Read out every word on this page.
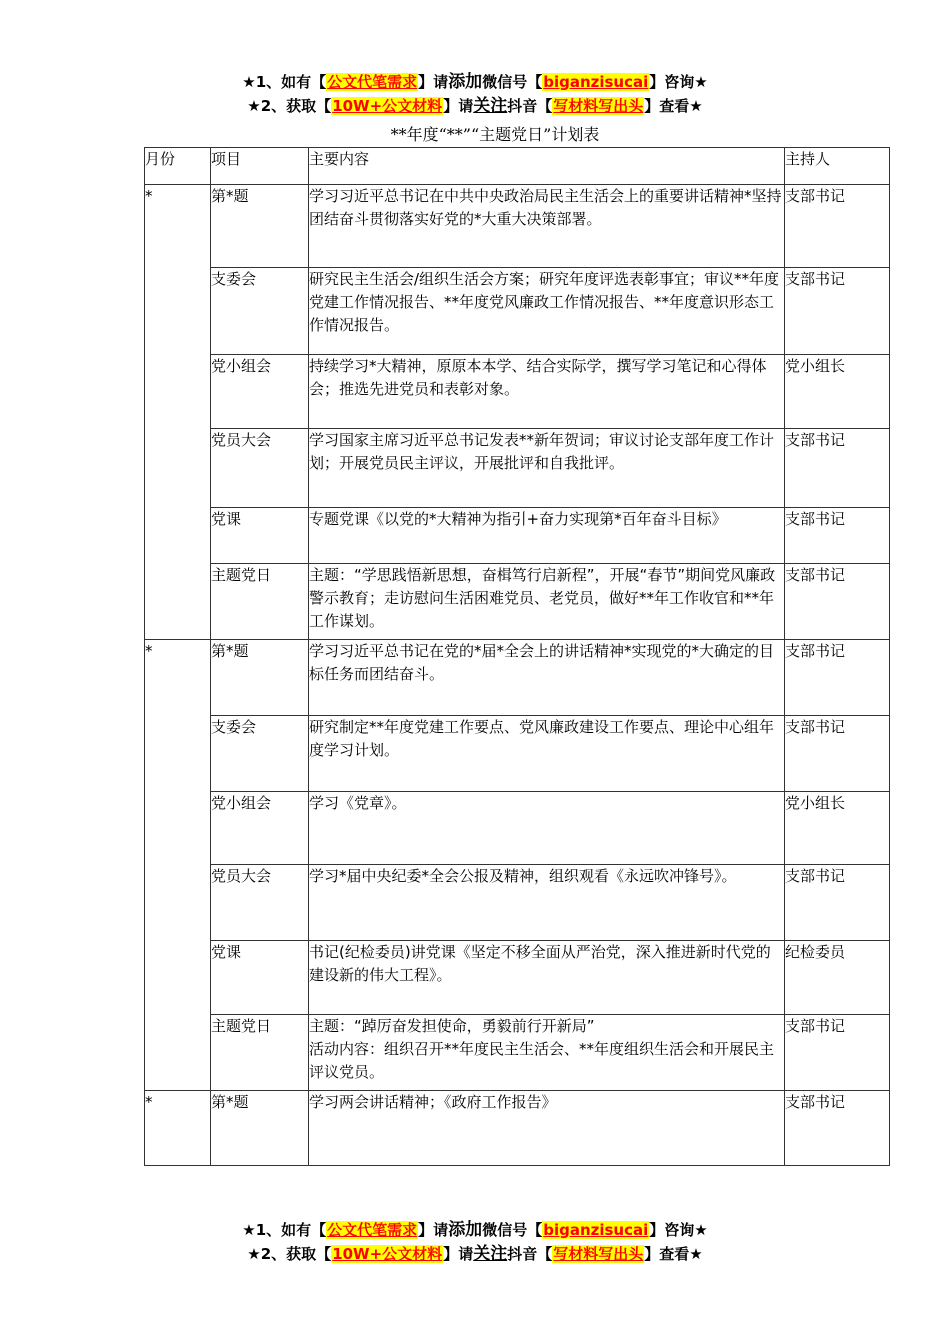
★1、如有【公文代笔需求】请添加微信号【biganzisucai】咨询★
★2、获取【10W+公文材料】请关注抖音【写材料写出头】查看★
**年度“**”“主题党日”计划表
月份	项目	主要内容	主持人
*	第*题	学习习近平总书记在中共中央政治局民主生活会上的重要讲话精神*坚持团结奋斗贯彻落实好党的*大重大决策部署。	支部书记
	支委会	研究民主生活会/组织生活会方案；研究年度评选表彰事宜；审议**年度党建工作情况报告、**年度党风廉政工作情况报告、**年度意识形态工作情况报告。	支部书记
	党小组会	持续学习*大精神，原原本本学、结合实际学，撰写学习笔记和心得体会；推选先进党员和表彰对象。	党小组长
	党员大会	学习国家主席习近平总书记发表**新年贺词；审议讨论支部年度工作计划；开展党员民主评议，开展批评和自我批评。	支部书记
	党课	专题党课《以党的*大精神为指引+奋力实现第*百年奋斗目标》	支部书记
	主题党日	主题：“学思践悟新思想，奋楫笃行启新程”，开展“春节”期间党风廉政警示教育；走访慰问生活困难党员、老党员，做好**年工作收官和**年工作谋划。	支部书记
*	第*题	学习习近平总书记在党的*届*全会上的讲话精神*实现党的*大确定的目标任务而团结奋斗。	支部书记
	支委会	研究制定**年度党建工作要点、党风廉政建设工作要点、理论中心组年度学习计划。	支部书记
	党小组会	学习《党章》。	党小组长
	党员大会	学习*届中央纪委*全会公报及精神，组织观看《永远吹冲锋号》。	支部书记
	党课	书记(纪检委员)讲党课《坚定不移全面从严治党，深入推进新时代党的建设新的伟大工程》。	纪检委员
	主题党日	主题：“踔厉奋发担使命，勇毅前行开新局”
活动内容：组织召开**年度民主生活会、**年度组织生活会和开展民主评议党员。	支部书记
*	第*题	学习两会讲话精神；《政府工作报告》	支部书记
★1、如有【公文代笔需求】请添加微信号【biganzisucai】咨询★
★2、获取【10W+公文材料】请关注抖音【写材料写出头】查看★
